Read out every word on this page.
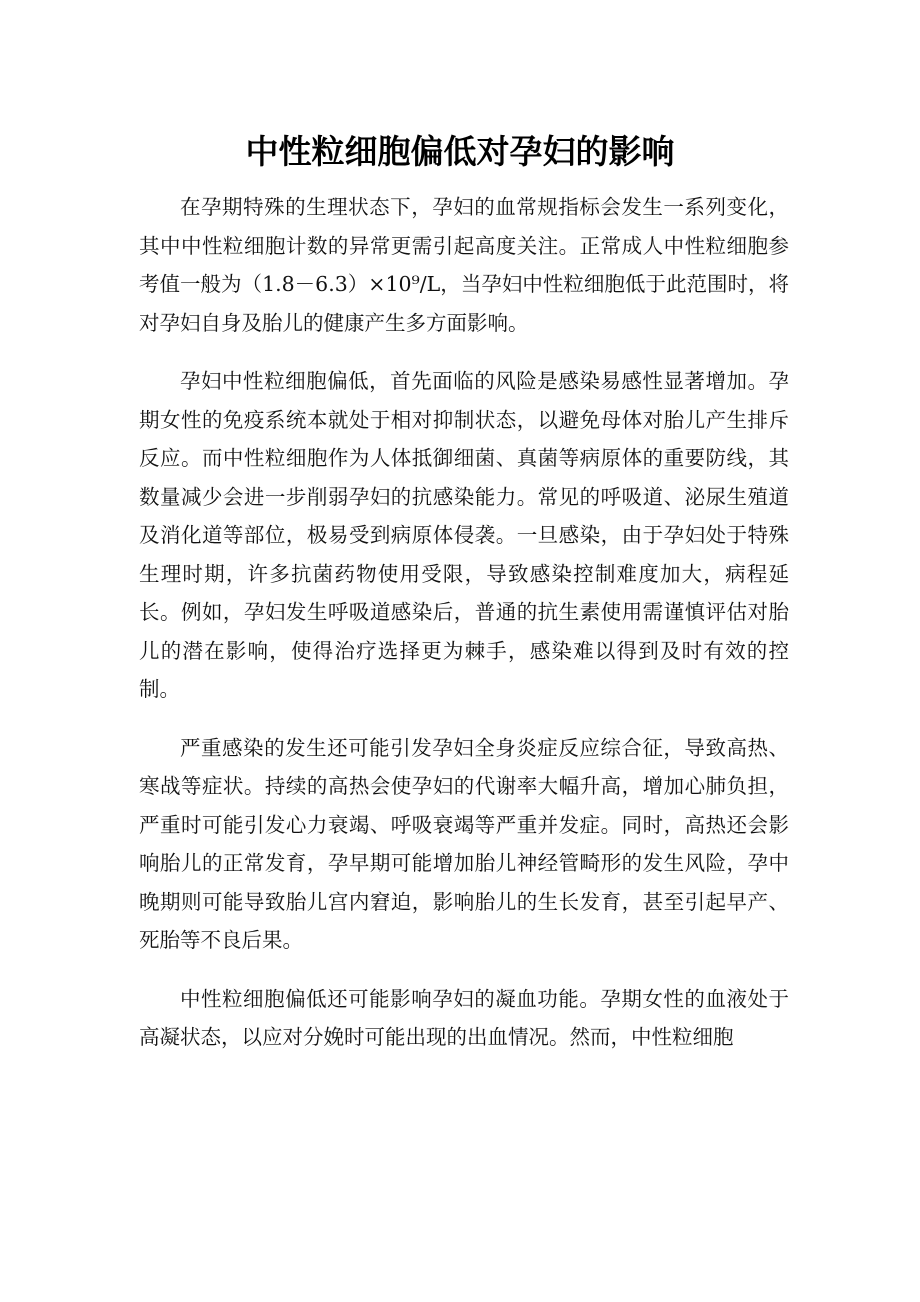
中性粒细胞偏低对孕妇的影响

在孕期特殊的生理状态下，孕妇的血常规指标会发生一系列变化，其中中性粒细胞计数的异常更需引起高度关注。正常成人中性粒细胞参考值一般为（1.8－6.3）×10⁹/L，当孕妇中性粒细胞低于此范围时，将对孕妇自身及胎儿的健康产生多方面影响。

孕妇中性粒细胞偏低，首先面临的风险是感染易感性显著增加。孕期女性的免疫系统本就处于相对抑制状态，以避免母体对胎儿产生排斥反应。而中性粒细胞作为人体抵御细菌、真菌等病原体的重要防线，其数量减少会进一步削弱孕妇的抗感染能力。常见的呼吸道、泌尿生殖道及消化道等部位，极易受到病原体侵袭。一旦感染，由于孕妇处于特殊生理时期，许多抗菌药物使用受限，导致感染控制难度加大，病程延长。例如，孕妇发生呼吸道感染后，普通的抗生素使用需谨慎评估对胎儿的潜在影响，使得治疗选择更为棘手，感染难以得到及时有效的控制。

严重感染的发生还可能引发孕妇全身炎症反应综合征，导致高热、寒战等症状。持续的高热会使孕妇的代谢率大幅升高，增加心肺负担，严重时可能引发心力衰竭、呼吸衰竭等严重并发症。同时，高热还会影响胎儿的正常发育，孕早期可能增加胎儿神经管畸形的发生风险，孕中晚期则可能导致胎儿宫内窘迫，影响胎儿的生长发育，甚至引起早产、死胎等不良后果。

中性粒细胞偏低还可能影响孕妇的凝血功能。孕期女性的血液处于高凝状态，以应对分娩时可能出现的出血情况。然而，中性粒细胞
